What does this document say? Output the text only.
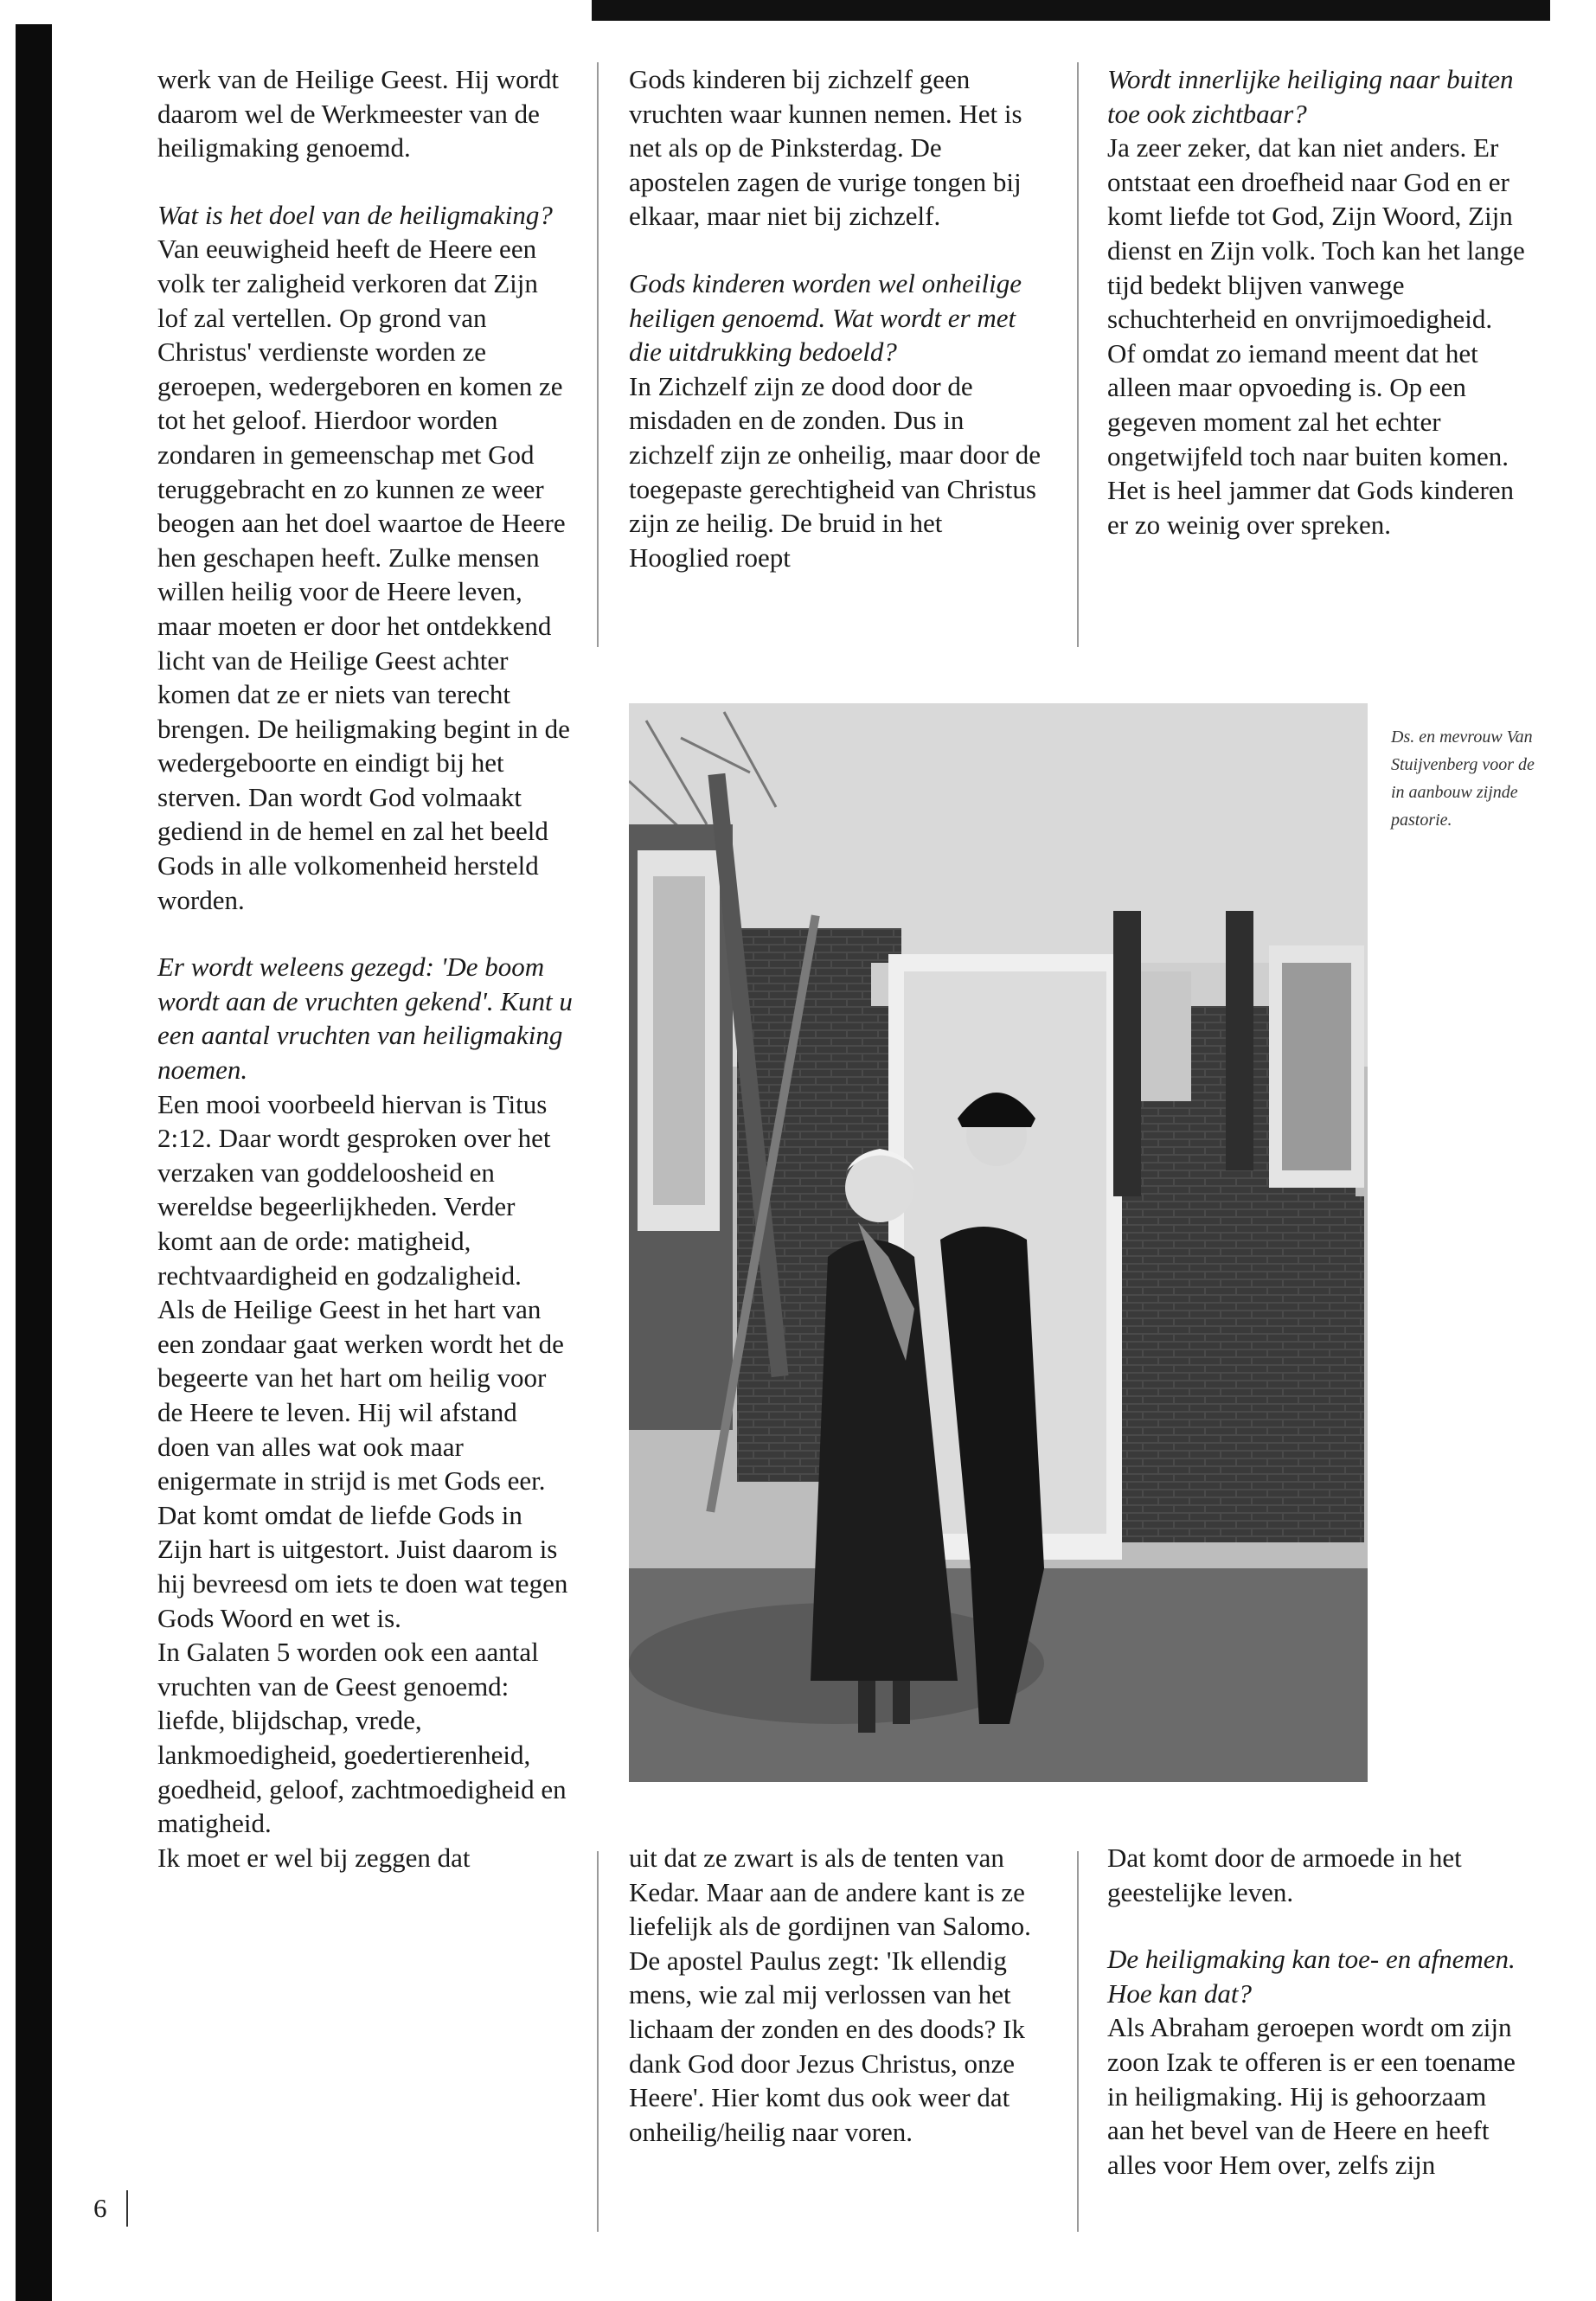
werk van de Heilige Geest. Hij wordt daarom wel de Werkmeester van de heiligmaking genoemd.

Wat is het doel van de heiligmaking?
Van eeuwigheid heeft de Heere een volk ter zaligheid verkoren dat Zijn lof zal vertellen. Op grond van Christus' verdienste worden ze geroepen, wedergeboren en komen ze tot het geloof. Hierdoor worden zondaren in gemeenschap met God teruggebracht en zo kunnen ze weer beogen aan het doel waartoe de Heere hen geschapen heeft. Zulke mensen willen heilig voor de Heere leven, maar moeten er door het ontdekkend licht van de Heilige Geest achter komen dat ze er niets van terecht brengen. De heiligmaking begint in de wedergeboorte en eindigt bij het sterven. Dan wordt God volmaakt gediend in de hemel en zal het beeld Gods in alle volkomenheid hersteld worden.

Er wordt weleens gezegd: 'De boom wordt aan de vruchten gekend'. Kunt u een aantal vruchten van heiligmaking noemen.
Een mooi voorbeeld hiervan is Titus 2:12. Daar wordt gesproken over het verzaken van goddeloosheid en wereldse begeerlijkheden. Verder komt aan de orde: matigheid, rechtvaardigheid en godzaligheid.
Als de Heilige Geest in het hart van een zondaar gaat werken wordt het de begeerte van het hart om heilig voor de Heere te leven. Hij wil afstand doen van alles wat ook maar enigermate in strijd is met Gods eer. Dat komt omdat de liefde Gods in Zijn hart is uitgestort. Juist daarom is hij bevreesd om iets te doen wat tegen Gods Woord en wet is.
In Galaten 5 worden ook een aantal vruchten van de Geest genoemd: liefde, blijdschap, vrede, lankmoedigheid, goedertierenheid, goedheid, geloof, zachtmoedigheid en matigheid.
Ik moet er wel bij zeggen dat

Gods kinderen bij zichzelf geen vruchten waar kunnen nemen. Het is net als op de Pinksterdag. De apostelen zagen de vurige tongen bij elkaar, maar niet bij zichzelf.

Gods kinderen worden wel onheilige heiligen genoemd. Wat wordt er met die uitdrukking bedoeld?
In Zichzelf zijn ze dood door de misdaden en de zonden. Dus in zichzelf zijn ze onheilig, maar door de toegepaste gerechtigheid van Christus zijn ze heilig. De bruid in het Hooglied roept

Wordt innerlijke heiliging naar buiten toe ook zichtbaar?
Ja zeer zeker, dat kan niet anders. Er ontstaat een droefheid naar God en er komt liefde tot God, Zijn Woord, Zijn dienst en Zijn volk. Toch kan het lange tijd bedekt blijven vanwege schuchterheid en onvrijmoedigheid. Of omdat zo iemand meent dat het alleen maar opvoeding is. Op een gegeven moment zal het echter ongetwijfeld toch naar buiten komen. Het is heel jammer dat Gods kinderen er zo weinig over spreken.

Ds. en mevrouw Van Stuijvenberg voor de in aanbouw zijnde pastorie.

uit dat ze zwart is als de tenten van Kedar. Maar aan de andere kant is ze liefelijk als de gordijnen van Salomo. De apostel Paulus zegt: 'Ik ellendig mens, wie zal mij verlossen van het lichaam der zonden en des doods? Ik dank God door Jezus Christus, onze Heere'. Hier komt dus ook weer dat onheilig/heilig naar voren.

Dat komt door de armoede in het geestelijke leven.

De heiligmaking kan toe- en afnemen. Hoe kan dat?
Als Abraham geroepen wordt om zijn zoon Izak te offeren is er een toename in heiligmaking. Hij is gehoorzaam aan het bevel van de Heere en heeft alles voor Hem over, zelfs zijn

6
